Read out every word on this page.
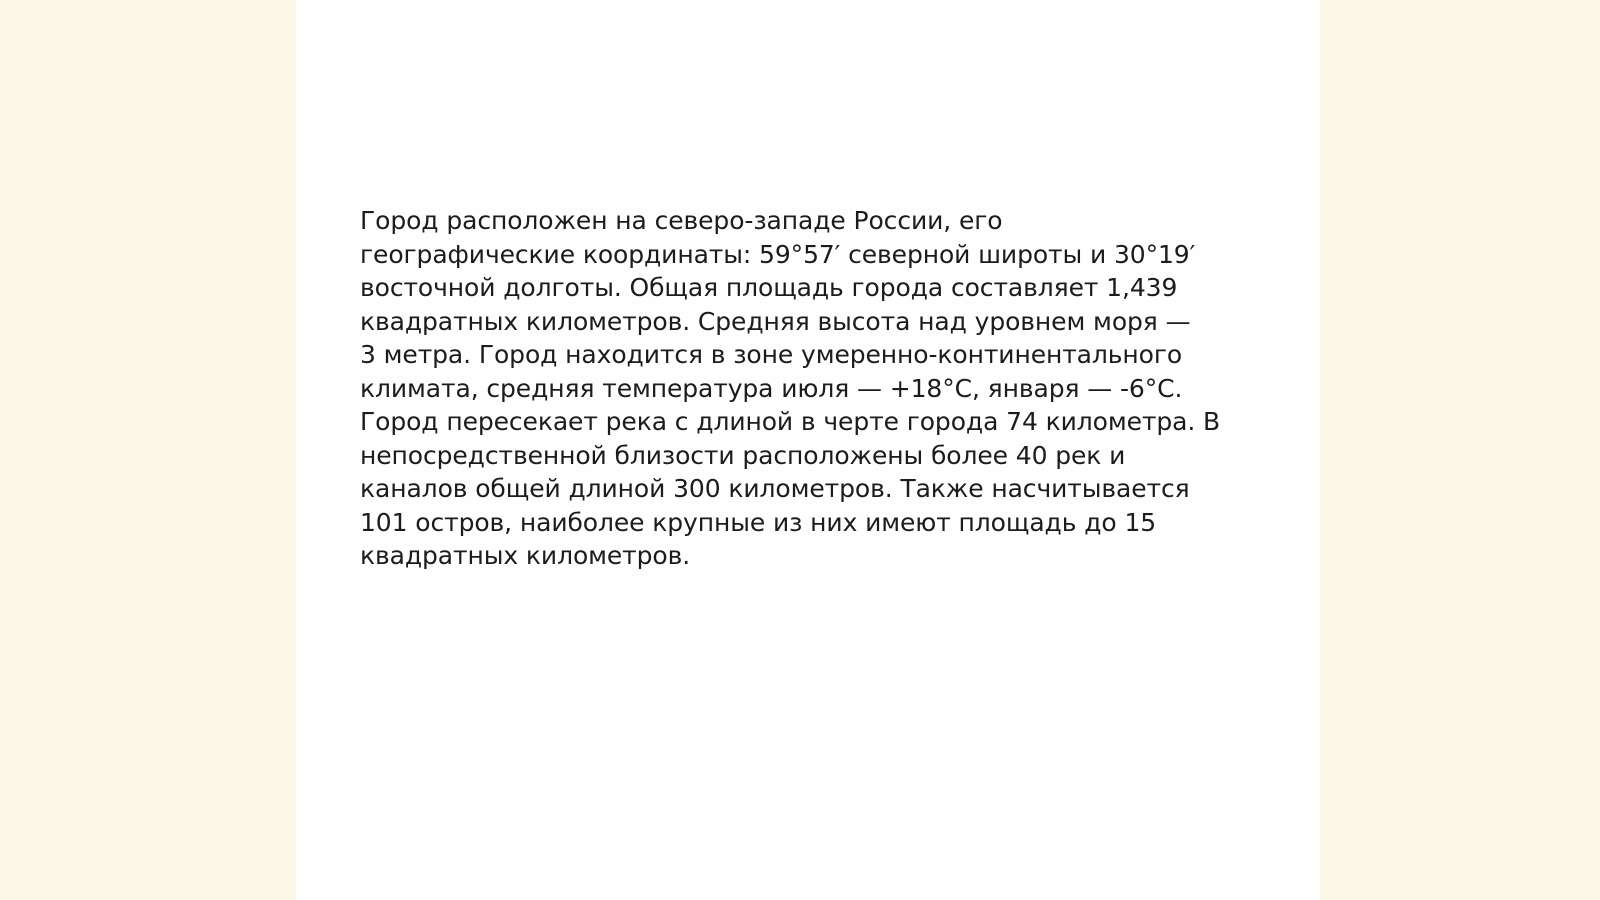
Город расположен на северо-западе России, его
географические координаты: 59°57′ северной широты и 30°19′
восточной долготы. Общая площадь города составляет 1,439
квадратных километров. Средняя высота над уровнем моря —
3 метра. Город находится в зоне умеренно-континентального
климата, средняя температура июля — +18°С, января — -6°С.
Город пересекает река с длиной в черте города 74 километра. В
непосредственной близости расположены более 40 рек и
каналов общей длиной 300 километров. Также насчитывается
101 остров, наиболее крупные из них имеют площадь до 15
квадратных километров.
